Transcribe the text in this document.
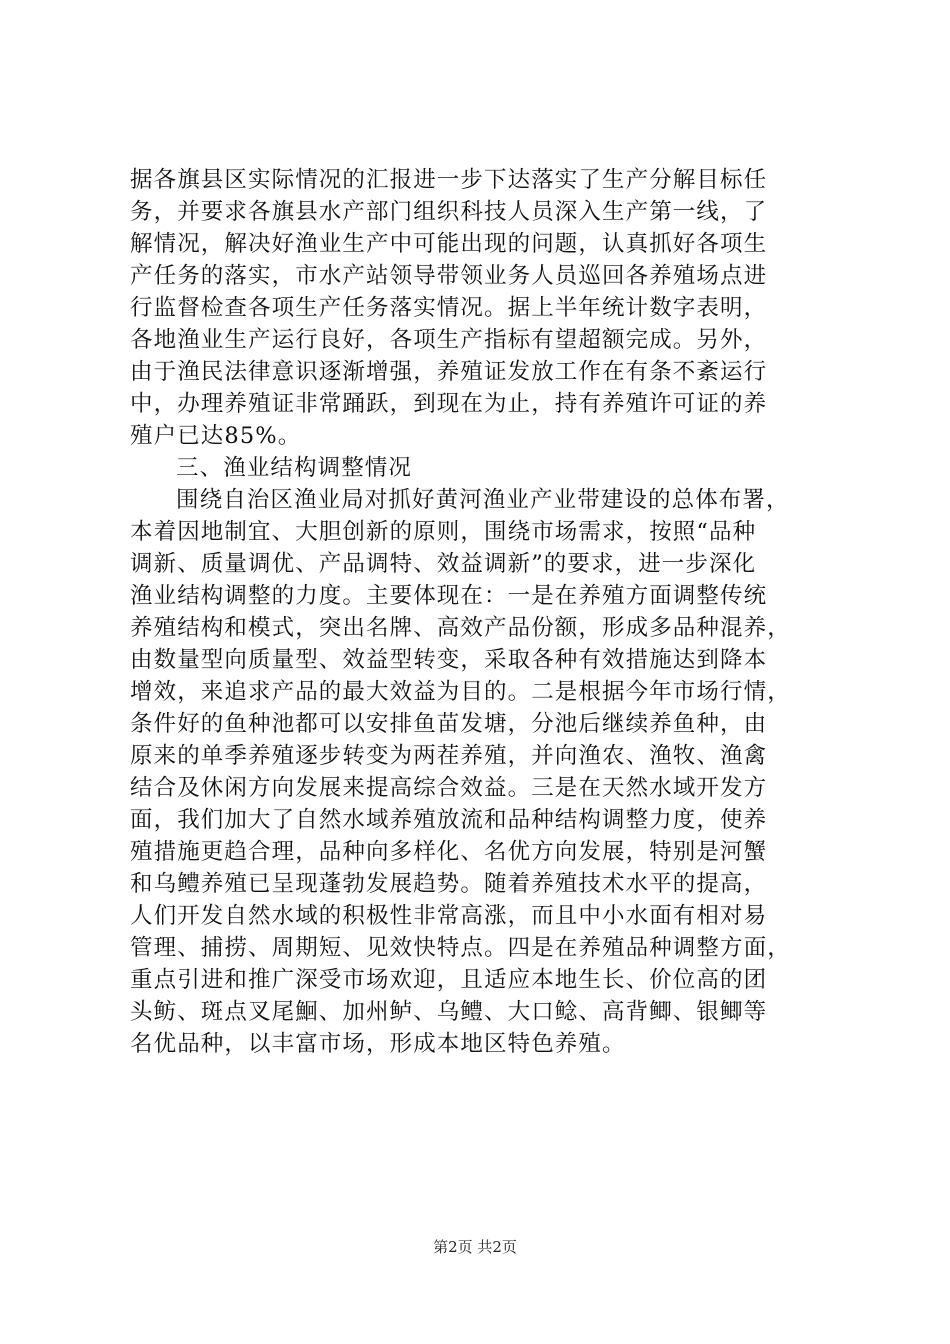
据各旗县区实际情况的汇报进一步下达落实了生产分解目标任
务，并要求各旗县水产部门组织科技人员深入生产第一线，了
解情况，解决好渔业生产中可能出现的问题，认真抓好各项生
产任务的落实，市水产站领导带领业务人员巡回各养殖场点进
行监督检查各项生产任务落实情况。据上半年统计数字表明，
各地渔业生产运行良好，各项生产指标有望超额完成。另外，
由于渔民法律意识逐渐增强，养殖证发放工作在有条不紊运行
中，办理养殖证非常踊跃，到现在为止，持有养殖许可证的养
殖户已达85%。
三、渔业结构调整情况
围绕自治区渔业局对抓好黄河渔业产业带建设的总体布署，
本着因地制宜、大胆创新的原则，围绕市场需求，按照“品种
调新、质量调优、产品调特、效益调新”的要求，进一步深化
渔业结构调整的力度。主要体现在：一是在养殖方面调整传统
养殖结构和模式，突出名牌、高效产品份额，形成多品种混养，
由数量型向质量型、效益型转变，采取各种有效措施达到降本
增效，来追求产品的最大效益为目的。二是根据今年市场行情，
条件好的鱼种池都可以安排鱼苗发塘，分池后继续养鱼种，由
原来的单季养殖逐步转变为两茬养殖，并向渔农、渔牧、渔禽
结合及休闲方向发展来提高综合效益。三是在天然水域开发方
面，我们加大了自然水域养殖放流和品种结构调整力度，使养
殖措施更趋合理，品种向多样化、名优方向发展，特别是河蟹
和乌鳢养殖已呈现蓬勃发展趋势。随着养殖技术水平的提高，
人们开发自然水域的积极性非常高涨，而且中小水面有相对易
管理、捕捞、周期短、见效快特点。四是在养殖品种调整方面，
重点引进和推广深受市场欢迎，且适应本地生长、价位高的团
头鲂、斑点叉尾鮰、加州鲈、乌鳢、大口鲶、高背鲫、银鲫等
名优品种，以丰富市场，形成本地区特色养殖。
第2页 共2页
